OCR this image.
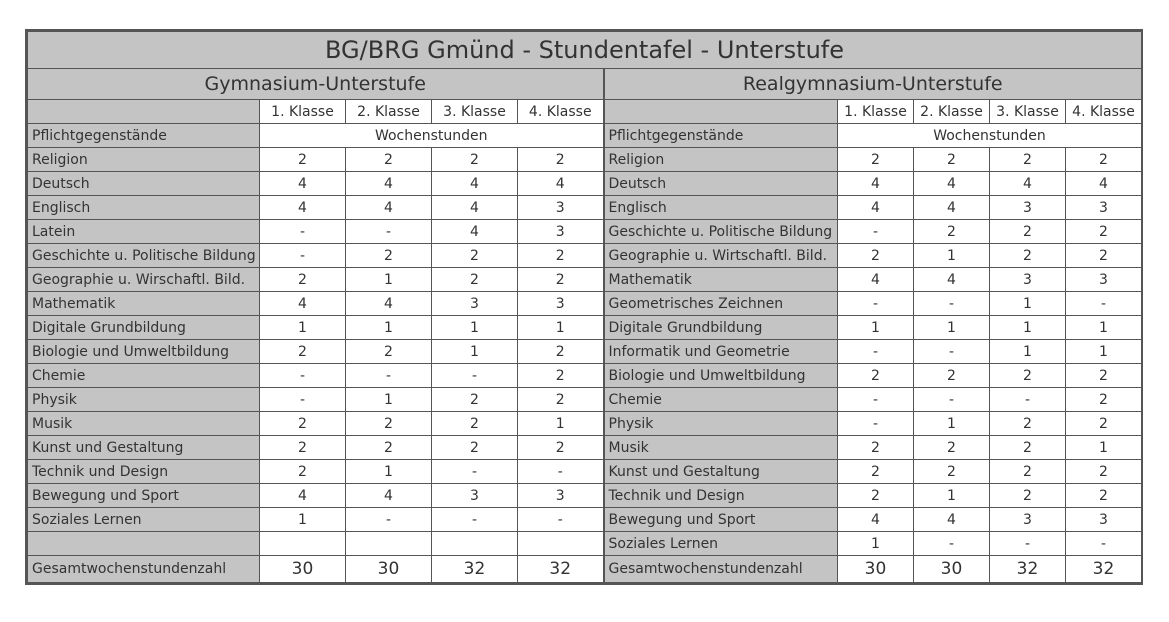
BG/BRG Gmünd - Stundentafel - Unterstufe									
Gymnasium-Unterstufe					Realgymnasium-Unterstufe				
	1. Klasse	2. Klasse	3. Klasse	4. Klasse		1. Klasse	2. Klasse	3. Klasse	4. Klasse
Pflichtgegenstände	Wochenstunden				Pflichtgegenstände	Wochenstunden			
Religion	2	2	2	2	Religion	2	2	2	2
Deutsch	4	4	4	4	Deutsch	4	4	4	4
Englisch	4	4	4	3	Englisch	4	4	3	3
Latein	-	-	4	3	Geschichte u. Politische Bildung	-	2	2	2
Geschichte u. Politische Bildung	-	2	2	2	Geographie u. Wirtschaftl. Bild.	2	1	2	2
Geographie u. Wirschaftl. Bild.	2	1	2	2	Mathematik	4	4	3	3
Mathematik	4	4	3	3	Geometrisches Zeichnen	-	-	1	-
Digitale Grundbildung	1	1	1	1	Digitale Grundbildung	1	1	1	1
Biologie und Umweltbildung	2	2	1	2	Informatik und Geometrie	-	-	1	1
Chemie	-	-	-	2	Biologie und Umweltbildung	2	2	2	2
Physik	-	1	2	2	Chemie	-	-	-	2
Musik	2	2	2	1	Physik	-	1	2	2
Kunst und Gestaltung	2	2	2	2	Musik	2	2	2	1
Technik und Design	2	1	-	-	Kunst und Gestaltung	2	2	2	2
Bewegung und Sport	4	4	3	3	Technik und Design	2	1	2	2
Soziales Lernen	1	-	-	-	Bewegung und Sport	4	4	3	3
					Soziales Lernen	1	-	-	-
Gesamtwochenstundenzahl	30	30	32	32	Gesamtwochenstundenzahl	30	30	32	32
